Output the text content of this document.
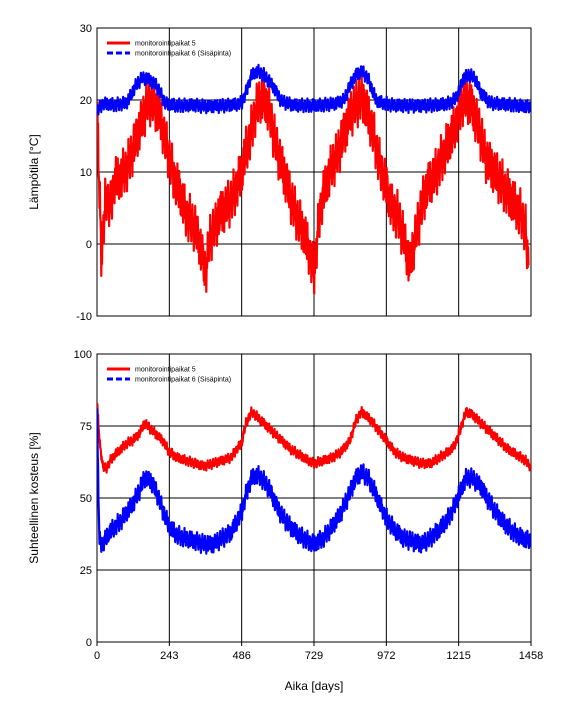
-10
0
10
20
30
Lämpötila [°C]
monitorointipaikat 5
monitorointipaikat 6 (Sisäpinta)
0
25
50
75
100
0	243	486	729	972	1215	1458
Suhteellinen kosteus [%]
Aika [days]
monitorointipaikat 5
monitorointipaikat 6 (Sisäpinta)
